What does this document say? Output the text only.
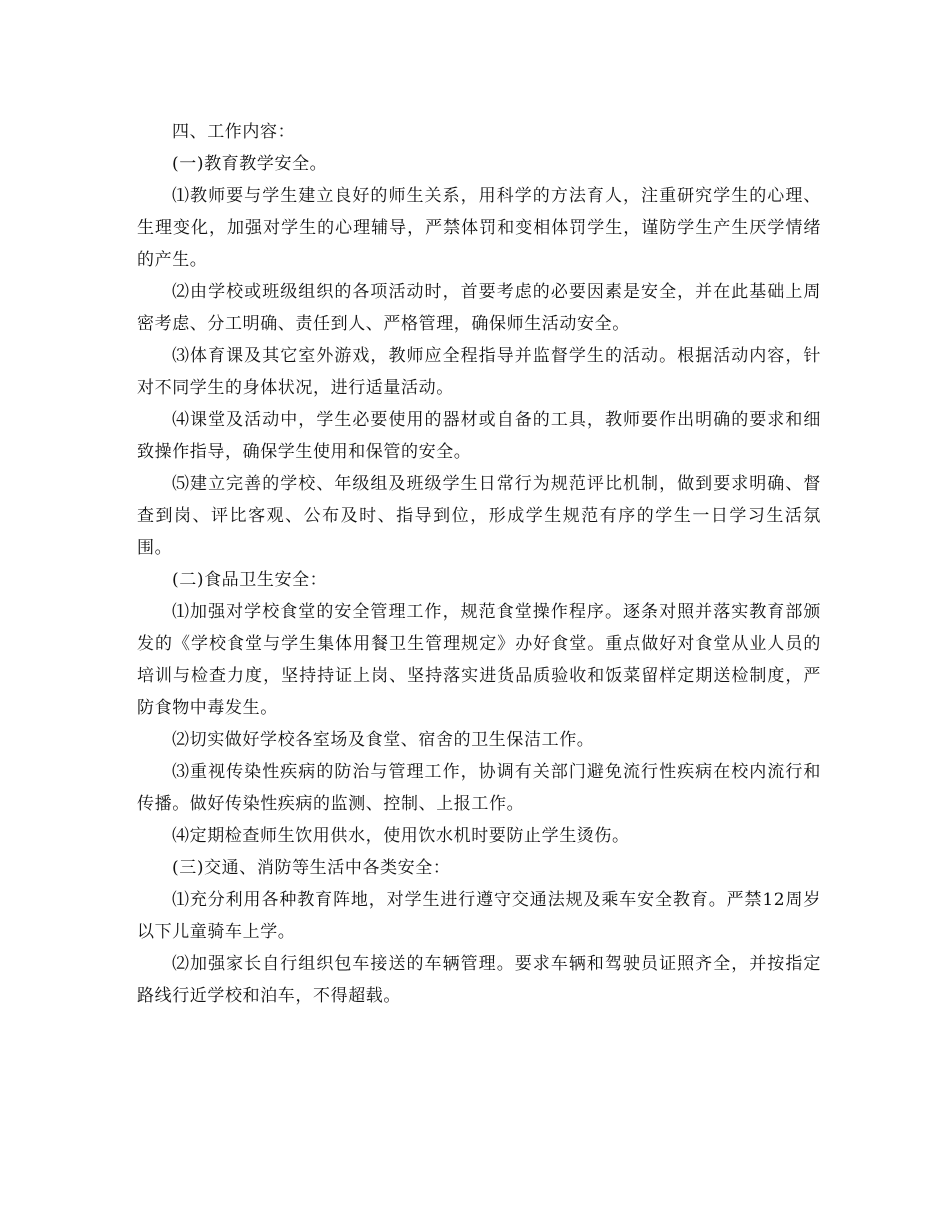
四、工作内容：

(一)教育教学安全。

⑴教师要与学生建立良好的师生关系，用科学的方法育人，注重研究学生的心理、生理变化，加强对学生的心理辅导，严禁体罚和变相体罚学生，谨防学生产生厌学情绪的产生。

⑵由学校或班级组织的各项活动时，首要考虑的必要因素是安全，并在此基础上周密考虑、分工明确、责任到人、严格管理，确保师生活动安全。

⑶体育课及其它室外游戏，教师应全程指导并监督学生的活动。根据活动内容，针对不同学生的身体状况，进行适量活动。

⑷课堂及活动中，学生必要使用的器材或自备的工具，教师要作出明确的要求和细致操作指导，确保学生使用和保管的安全。

⑸建立完善的学校、年级组及班级学生日常行为规范评比机制，做到要求明确、督查到岗、评比客观、公布及时、指导到位，形成学生规范有序的学生一日学习生活氛围。

(二)食品卫生安全：

⑴加强对学校食堂的安全管理工作，规范食堂操作程序。逐条对照并落实教育部颁发的《学校食堂与学生集体用餐卫生管理规定》办好食堂。重点做好对食堂从业人员的培训与检查力度，坚持持证上岗、坚持落实进货品质验收和饭菜留样定期送检制度，严防食物中毒发生。

⑵切实做好学校各室场及食堂、宿舍的卫生保洁工作。

⑶重视传染性疾病的防治与管理工作，协调有关部门避免流行性疾病在校内流行和传播。做好传染性疾病的监测、控制、上报工作。

⑷定期检查师生饮用供水，使用饮水机时要防止学生烫伤。

(三)交通、消防等生活中各类安全：

⑴充分利用各种教育阵地，对学生进行遵守交通法规及乘车安全教育。严禁12周岁以下儿童骑车上学。

⑵加强家长自行组织包车接送的车辆管理。要求车辆和驾驶员证照齐全，并按指定路线行近学校和泊车，不得超载。
